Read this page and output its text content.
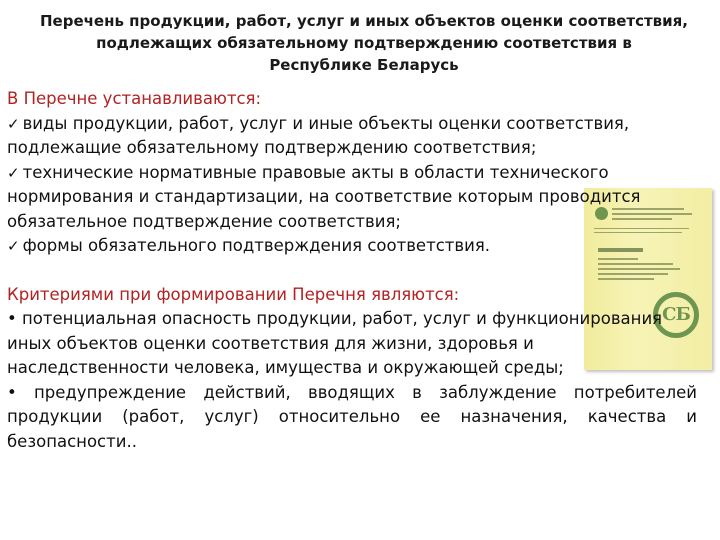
Перечень продукции, работ, услуг и иных объектов оценки соответствия,
подлежащих обязательному подтверждению соответствия в
Республике Беларусь
СБ

В Перечне устанавливаются:

✓ виды продукции, работ, услуг и иные объекты оценки соответствия, подлежащие обязательному подтверждению соответствия;

✓ технические нормативные правовые акты в области технического нормирования и стандартизации, на соответствие которым проводится обязательное подтверждение соответствия;

✓ формы обязательного подтверждения соответствия.

Критериями при формировании Перечня являются:

• потенциальная опасность продукции, работ, услуг и функционирования иных объектов оценки соответствия для жизни, здоровья и наследственности человека, имущества и окружающей среды;

• предупреждение действий, вводящих в заблуждение потребителей продукции (работ, услуг) относительно ее назначения, качества и безопасности..
